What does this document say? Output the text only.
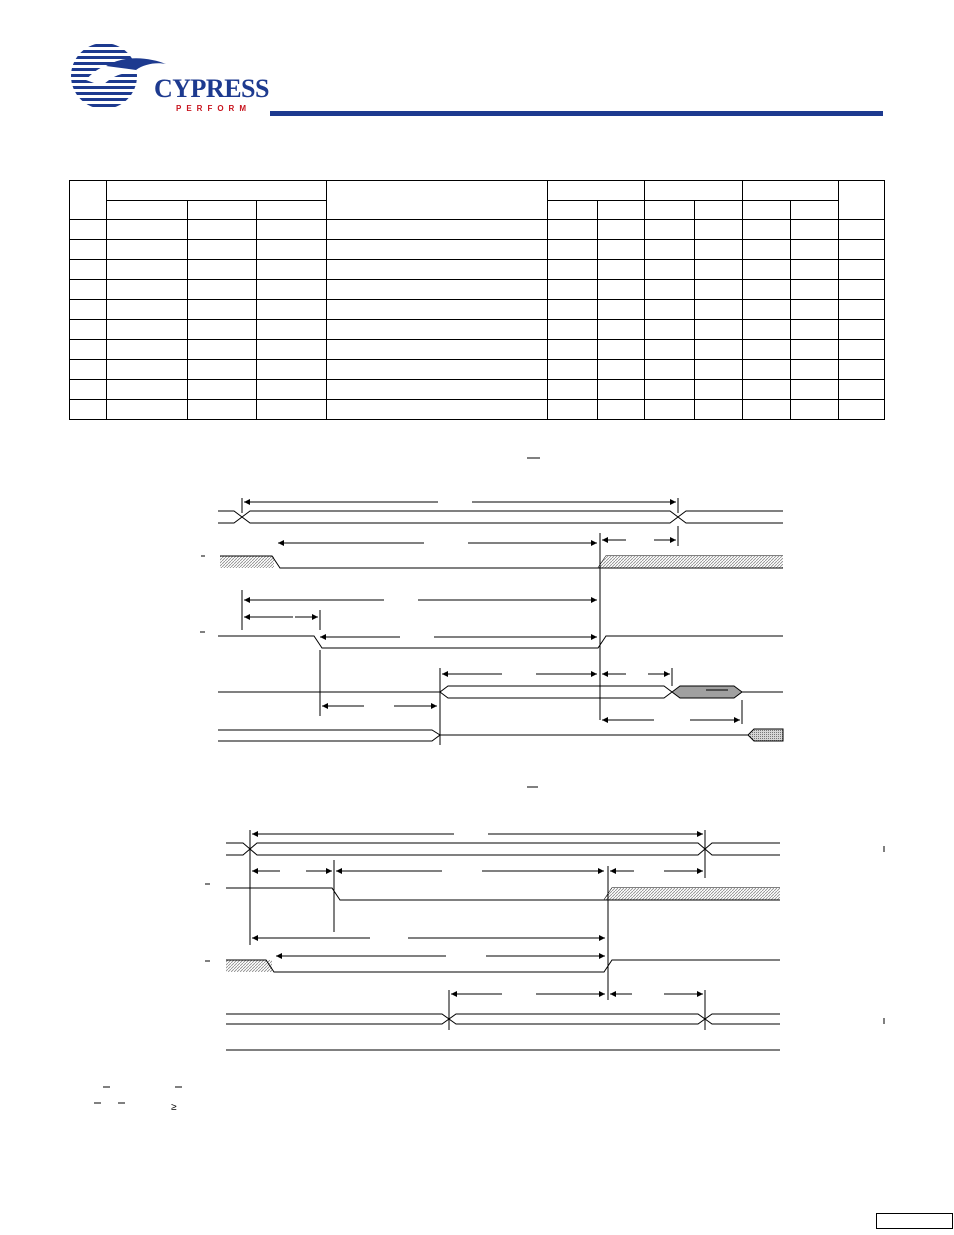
CYPRESS
PERFORM

≥
